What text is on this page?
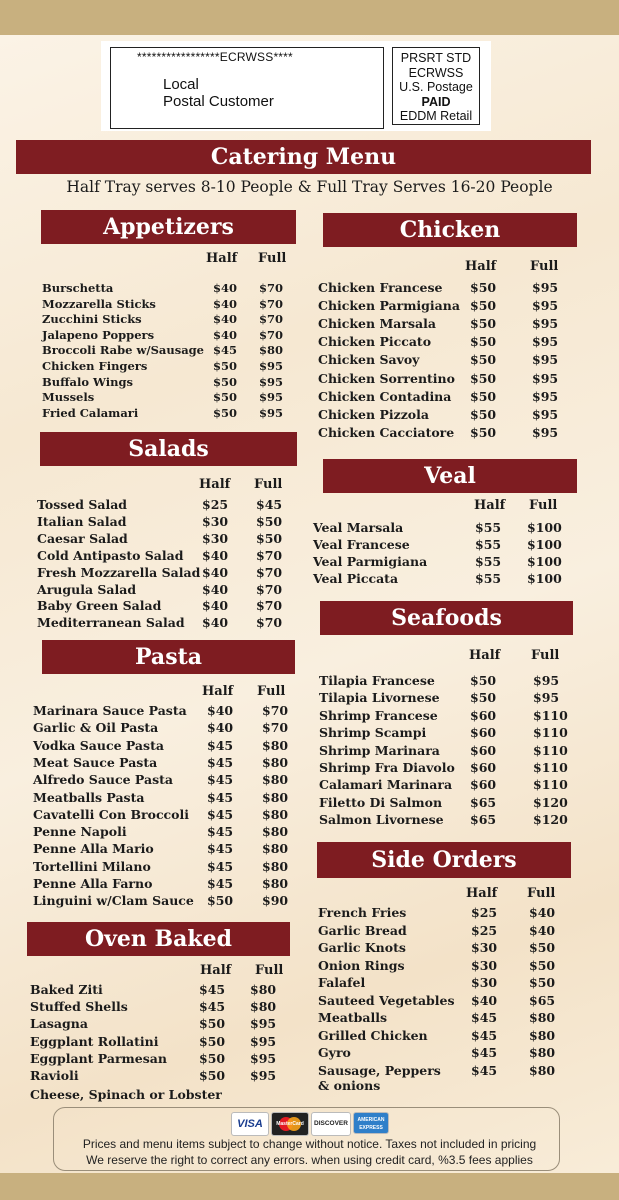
*****************ECRWSS****
Local
Postal Customer
PRSRT STD
ECRWSS
U.S. Postage
PAID
EDDM Retail
Catering Menu
Half Tray serves 8-10 People & Full Tray Serves 16-20 People
Appetizers
Half Full
Burschetta	$40 $70
Mozzarella Sticks	$40 $70
Zucchini Sticks	$40 $70
Jalapeno Poppers	$40 $70
Broccoli Rabe w/Sausage $45 $80
Chicken Fingers	$50 $95
Buffalo Wings	$50 $95
Mussels	$50 $95
Fried Calamari	$50 $95
Salads
Half Full
Tossed Salad	$25 $45
Italian Salad	$30 $50
Caesar Salad	$30 $50
Cold Antipasto Salad $40 $70
Fresh Mozzarella Salad $40 $70
Arugula Salad	$40 $70
Baby Green Salad	$40 $70
Mediterranean Salad $40 $70
Pasta
Half Full
Marinara Sauce Pasta $40 $70
Garlic & Oil Pasta	$40 $70
Vodka Sauce Pasta	$45 $80
Meat Sauce Pasta	$45 $80
Alfredo Sauce Pasta	$45 $80
Meatballs Pasta	$45 $80
Cavatelli Con Broccoli $45 $80
Penne Napoli	$45 $80
Penne Alla Mario	$45 $80
Tortellini Milano	$45 $80
Penne Alla Farno	$45 $80
Linguini w/Clam Sauce $50 $90
Oven Baked
Half Full
Baked Ziti	$45 $80
Stuffed Shells	$45 $80
Lasagna	$50 $95
Eggplant Rollatini	$50 $95
Eggplant Parmesan	$50 $95
Ravioli	$50 $95
Cheese, Spinach or Lobster
Chicken
Half	Full
Chicken Francese $50	$95
Chicken Parmigiana $50	$95
Chicken Marsala	$50	$95
Chicken Piccato	$50	$95
Chicken Savoy	$50	$95
Chicken Sorrentino $50	$95
Chicken Contadina $50	$95
Chicken Pizzola	$50	$95
Chicken Cacciatore $50	$95
Veal
Half Full
Veal Marsala	$55 $100
Veal Francese	$55 $100
Veal Parmigiana	$55 $100
Veal Piccata	$55 $100
Seafoods
Half Full
Tilapia Francese	$50	$95
Tilapia Livornese $50	$95
Shrimp Francese	$60	$110
Shrimp Scampi	$60	$110
Shrimp Marinara $60	$110
Shrimp Fra Diavolo $60	$110
Calamari Marinara $60	$110
Filetto Di Salmon $65	$120
Salmon Livornese $65	$120
Side Orders
Half Full
French Fries	$25	$40
Garlic Bread	$25	$40
Garlic Knots	$30	$50
Onion Rings	$30	$50
Falafel	$30	$50
Sauteed Vegetables $40	$65
Meatballs	$45	$80
Grilled Chicken	$45	$80
Gyro	$45	$80
Sausage, Peppers $45	$80
& onions
VISA	MasterCard	DISCOVER	AMERICAN EXPRESS
Prices and menu items subject to change without notice. Taxes not included in pricing
We reserve the right to correct any errors. when using credit card, %3.5 fees applies
